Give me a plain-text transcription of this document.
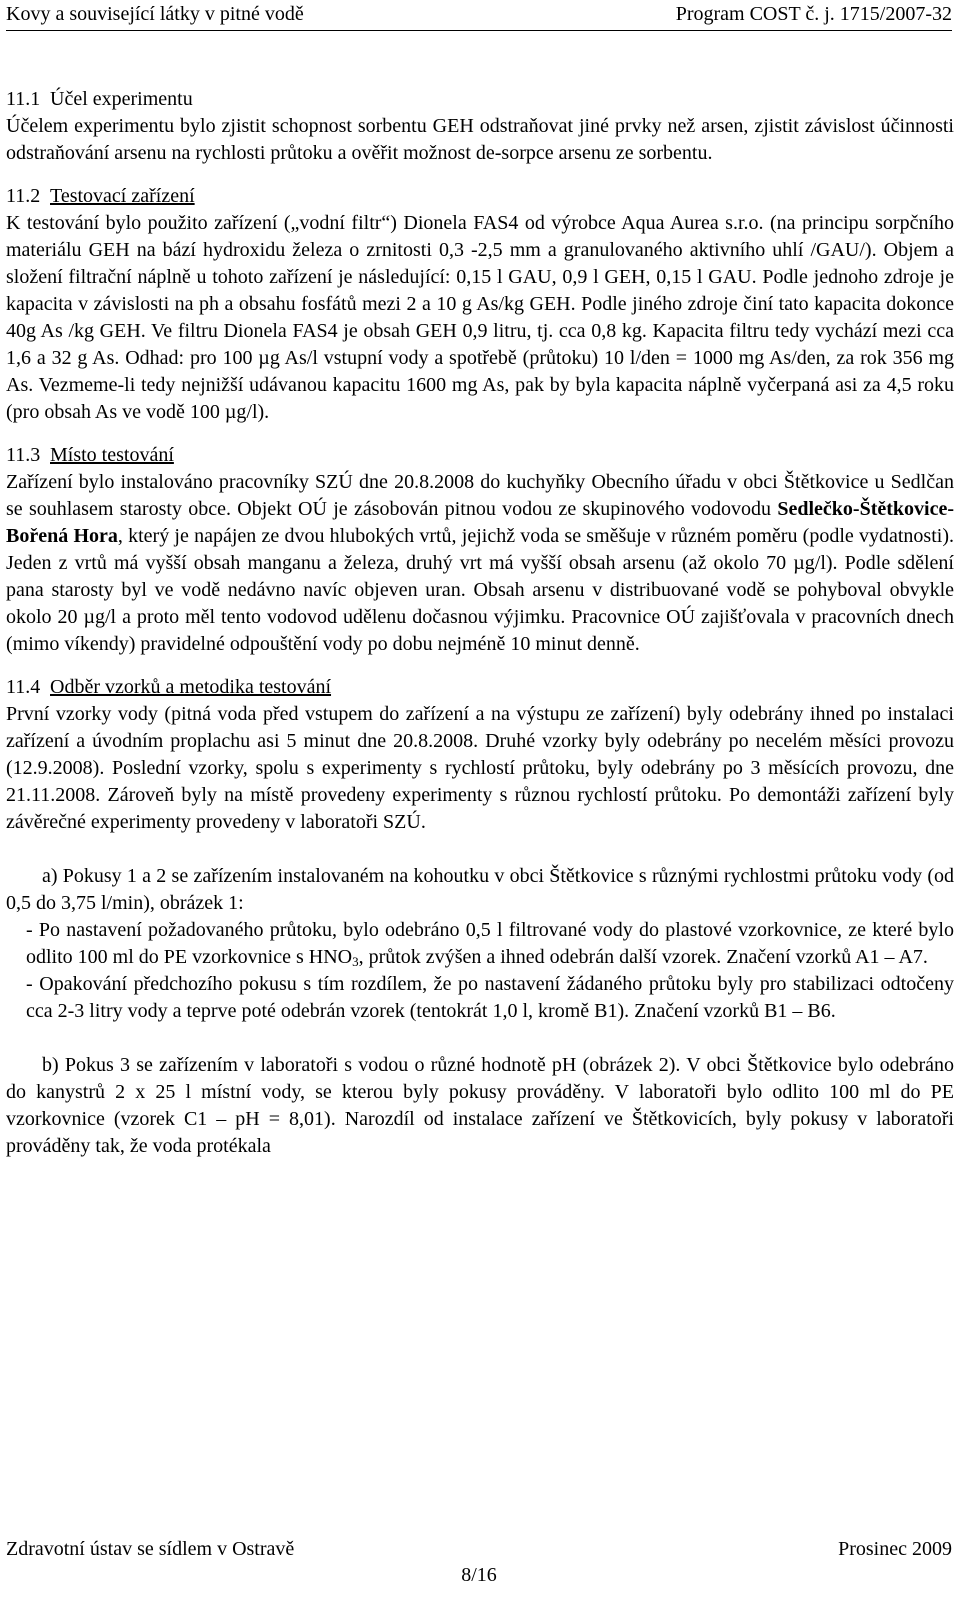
Kovy a související látky v pitné vodě	Program COST č. j. 1715/2007-32
11.1 Účel experimentu

Účelem experimentu bylo zjistit schopnost sorbentu GEH odstraňovat jiné prvky než arsen, zjistit závislost účinnosti odstraňování arsenu na rychlosti průtoku a ověřit možnost de-sorpce arsenu ze sorbentu.

11.2 Testovací zařízení

K testování bylo použito zařízení („vodní filtr“) Dionela FAS4 od výrobce Aqua Aurea s.r.o. (na principu sorpčního materiálu GEH na bází hydroxidu železa o zrnitosti 0,3 -2,5 mm a granulovaného aktivního uhlí /GAU/). Objem a složení filtrační náplně u tohoto zařízení je následující: 0,15 l GAU, 0,9 l GEH, 0,15 l GAU. Podle jednoho zdroje je kapacita v závislosti na ph a obsahu fosfátů mezi 2 a 10 g As/kg GEH. Podle jiného zdroje činí tato kapacita dokonce 40g As /kg GEH. Ve filtru Dionela FAS4 je obsah GEH 0,9 litru, tj. cca 0,8 kg. Kapacita filtru tedy vychází mezi cca 1,6 a 32 g As. Odhad: pro 100 µg As/l vstupní vody a spotřebě (průtoku) 10 l/den = 1000 mg As/den, za rok 356 mg As. Vezmeme-li tedy nejnižší udávanou kapacitu 1600 mg As, pak by byla kapacita náplně vyčerpaná asi za 4,5 roku (pro obsah As ve vodě 100 µg/l).

11.3 Místo testování

Zařízení bylo instalováno pracovníky SZÚ dne 20.8.2008 do kuchyňky Obecního úřadu v obci Štětkovice u Sedlčan se souhlasem starosty obce. Objekt OÚ je zásobován pitnou vodou ze skupinového vodovodu Sedlečko-Štětkovice-Bořená Hora, který je napájen ze dvou hlubokých vrtů, jejichž voda se směšuje v různém poměru (podle vydatnosti). Jeden z vrtů má vyšší obsah manganu a železa, druhý vrt má vyšší obsah arsenu (až okolo 70 µg/l). Podle sdělení pana starosty byl ve vodě nedávno navíc objeven uran. Obsah arsenu v distribuované vodě se pohyboval obvykle okolo 20 µg/l a proto měl tento vodovod udělenu dočasnou výjimku. Pracovnice OÚ zajišťovala v pracovních dnech (mimo víkendy) pravidelné odpouštění vody po dobu nejméně 10 minut denně.

11.4 Odběr vzorků a metodika testování

První vzorky vody (pitná voda před vstupem do zařízení a na výstupu ze zařízení) byly odebrány ihned po instalaci zařízení a úvodním proplachu asi 5 minut dne 20.8.2008. Druhé vzorky byly odebrány po necelém měsíci provozu (12.9.2008). Poslední vzorky, spolu s experimenty s rychlostí průtoku, byly odebrány po 3 měsících provozu, dne 21.11.2008. Zároveň byly na místě provedeny experimenty s různou rychlostí průtoku. Po demontáži zařízení byly závěrečné experimenty provedeny v laboratoři SZÚ.

a) Pokusy 1 a 2 se zařízením instalovaném na kohoutku v obci Štětkovice s různými rychlostmi průtoku vody (od 0,5 do 3,75 l/min), obrázek 1:

- Po nastavení požadovaného průtoku, bylo odebráno 0,5 l filtrované vody do plastové vzorkovnice, ze které bylo odlito 100 ml do PE vzorkovnice s $HNO_3$, průtok zvýšen a ihned odebrán další vzorek. Značení vzorků A1 – A7.

- Opakování předchozího pokusu s tím rozdílem, že po nastavení žádaného průtoku byly pro stabilizaci odtočeny cca 2-3 litry vody a teprve poté odebrán vzorek (tentokrát 1,0 l, kromě B1). Značení vzorků B1 – B6.

b) Pokus 3 se zařízením v laboratoři s vodou o různé hodnotě pH (obrázek 2). V obci Štětkovice bylo odebráno do kanystrů 2 x 25 l místní vody, se kterou byly pokusy prováděny. V laboratoři bylo odlito 100 ml do PE vzorkovnice (vzorek C1 – pH = 8,01). Narozdíl od instalace zařízení ve Štětkovicích, byly pokusy v laboratoři prováděny tak, že voda protékala

Zdravotní ústav se sídlem v Ostravě	Prosinec 2009
8/16
